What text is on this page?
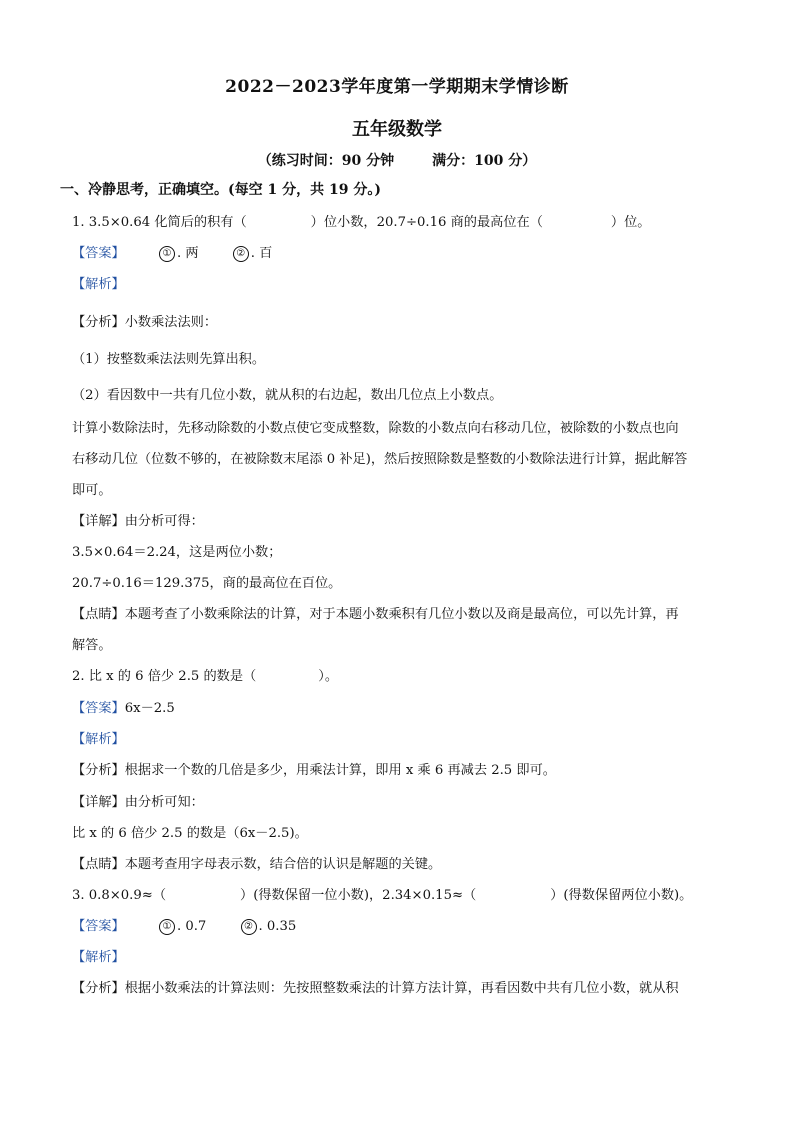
2022－2023学年度第一学期期末学情诊断
五年级数学
（练习时间：90 分钟	满分：100 分）
一、冷静思考，正确填空。(每空 1 分，共 19 分。)
1. 3.5×0.64 化简后的积有（	）位小数，20.7÷0.16 商的最高位在（	）位。
【答案】	① . 两	② . 百
【解析】
【分析】小数乘法法则：
（1）按整数乘法法则先算出积。
（2）看因数中一共有几位小数，就从积的右边起，数出几位点上小数点。
计算小数除法时，先移动除数的小数点使它变成整数，除数的小数点向右移动几位，被除数的小数点也向
右移动几位（位数不够的，在被除数末尾添 0 补足)，然后按照除数是整数的小数除法进行计算，据此解答
即可。
【详解】由分析可得：
3.5×0.64＝2.24，这是两位小数；
20.7÷0.16＝129.375，商的最高位在百位。
【点睛】本题考查了小数乘除法的计算，对于本题小数乘积有几位小数以及商是最高位，可以先计算，再
解答。
2. 比 x 的 6 倍少 2.5 的数是（	）。
【答案】6x－2.5
【解析】
【分析】根据求一个数的几倍是多少，用乘法计算，即用 x 乘 6 再减去 2.5 即可。
【详解】由分析可知：
比 x 的 6 倍少 2.5 的数是（6x－2.5)。
【点睛】本题考查用字母表示数，结合倍的认识是解题的关键。
3. 0.8×0.9≈（	）(得数保留一位小数)，2.34×0.15≈（	）(得数保留两位小数)。
【答案】	① . 0.7	② . 0.35
【解析】
【分析】根据小数乘法的计算法则：先按照整数乘法的计算方法计算，再看因数中共有几位小数，就从积
